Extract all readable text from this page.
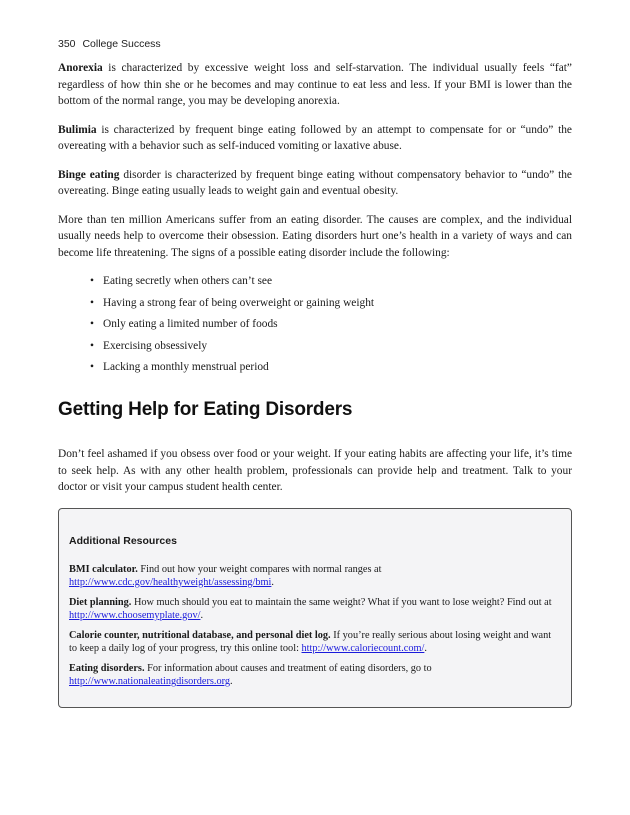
350 College Success

Anorexia is characterized by excessive weight loss and self-starvation. The individual usually feels “fat” regardless of how thin she or he becomes and may continue to eat less and less. If your BMI is lower than the bottom of the normal range, you may be developing anorexia.

Bulimia is characterized by frequent binge eating followed by an attempt to compensate for or “undo” the overeating with a behavior such as self-induced vomiting or laxative abuse.

Binge eating disorder is characterized by frequent binge eating without compensatory behavior to “undo” the overeating. Binge eating usually leads to weight gain and eventual obesity.

More than ten million Americans suffer from an eating disorder. The causes are complex, and the individual usually needs help to overcome their obsession. Eating disorders hurt one’s health in a variety of ways and can become life threatening. The signs of a possible eating disorder include the following:

• Eating secretly when others can’t see
• Having a strong fear of being overweight or gaining weight
• Only eating a limited number of foods
• Exercising obsessively
• Lacking a monthly menstrual period
Getting Help for Eating Disorders

Don’t feel ashamed if you obsess over food or your weight. If your eating habits are affecting your life, it’s time to seek help. As with any other health problem, professionals can provide help and treatment. Talk to your doctor or visit your campus student health center.

Additional Resources

BMI calculator. Find out how your weight compares with normal ranges at http://www.cdc.gov/healthyweight/assessing/bmi.

Diet planning. How much should you eat to maintain the same weight? What if you want to lose weight? Find out at http://www.choosemyplate.gov/.

Calorie counter, nutritional database, and personal diet log. If you’re really serious about losing weight and want to keep a daily log of your progress, try this online tool: http://www.caloriecount.com/.

Eating disorders. For information about causes and treatment of eating disorders, go to http://www.nationaleatingdisorders.org.
